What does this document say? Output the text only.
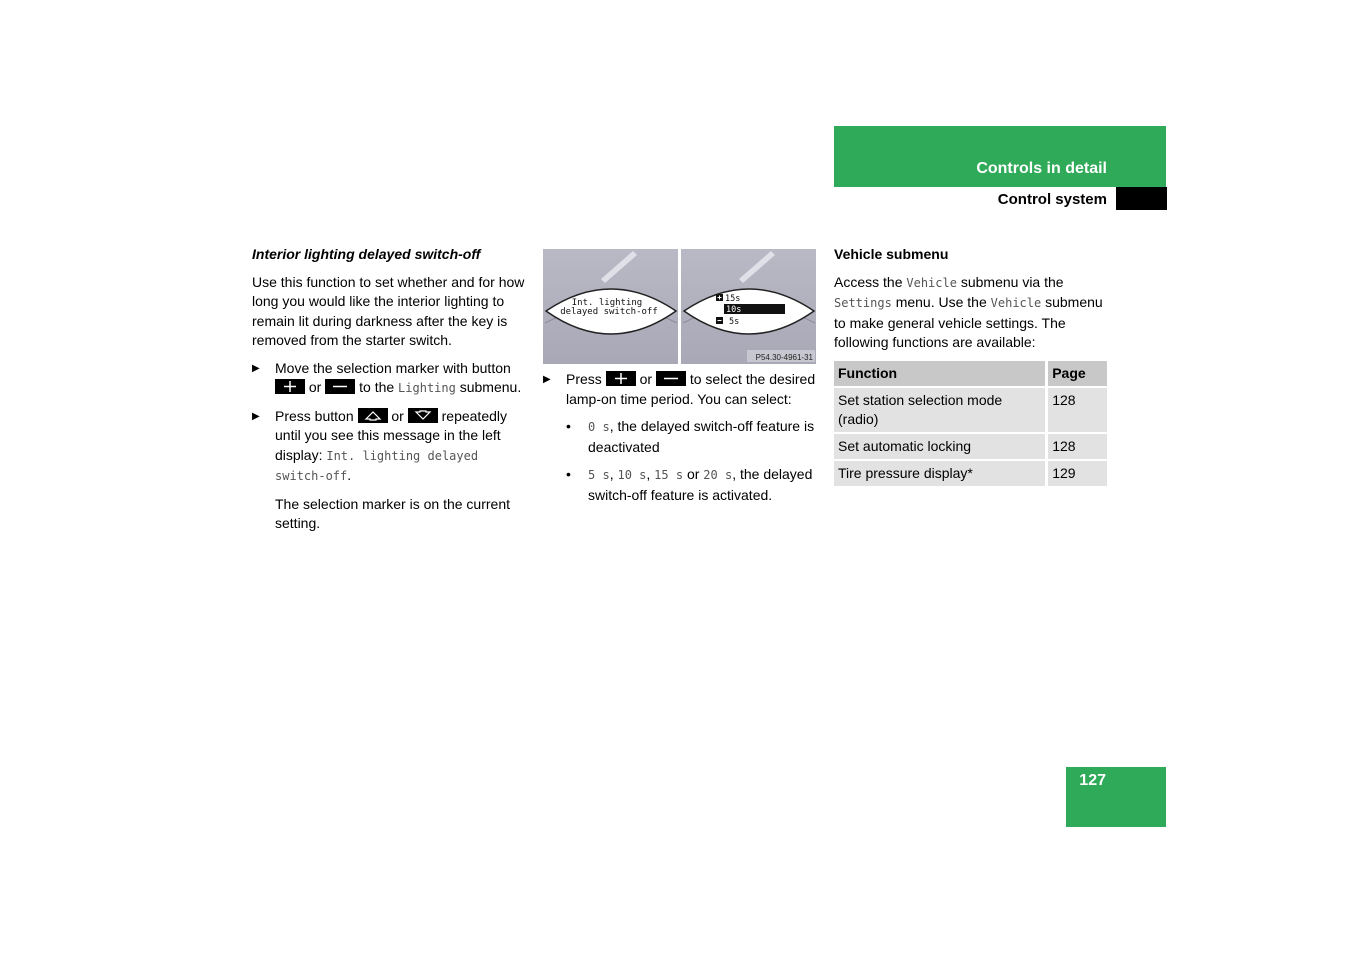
Controls in detail
Control system

Interior lighting delayed switch-off

Use this function to set whether and for how long you would like the interior lighting to remain lit during darkness after the key is removed from the starter switch.

▶ Move the selection marker with button
or	to the Lighting submenu.
▶ Press button	or	repeatedly until you see this message in the left display: Int. lighting delayed switch-off.

The selection marker is on the current setting.

Int. lighting
delayed switch-off
15s
10s
5s
P54.30-4961-31
▶ Press	or	to select the desired lamp-on time period. You can select:
• 0 s, the delayed switch-off feature is deactivated
• 5 s, 10 s, 15 s or 20 s, the delayed switch-off feature is activated.

Vehicle submenu

Access the Vehicle submenu via the Settings menu. Use the Vehicle submenu to make general vehicle settings. The following functions are available:

Function	Page
Set station selection mode (radio)	128
Set automatic locking	128
Tire pressure display*	129
127
